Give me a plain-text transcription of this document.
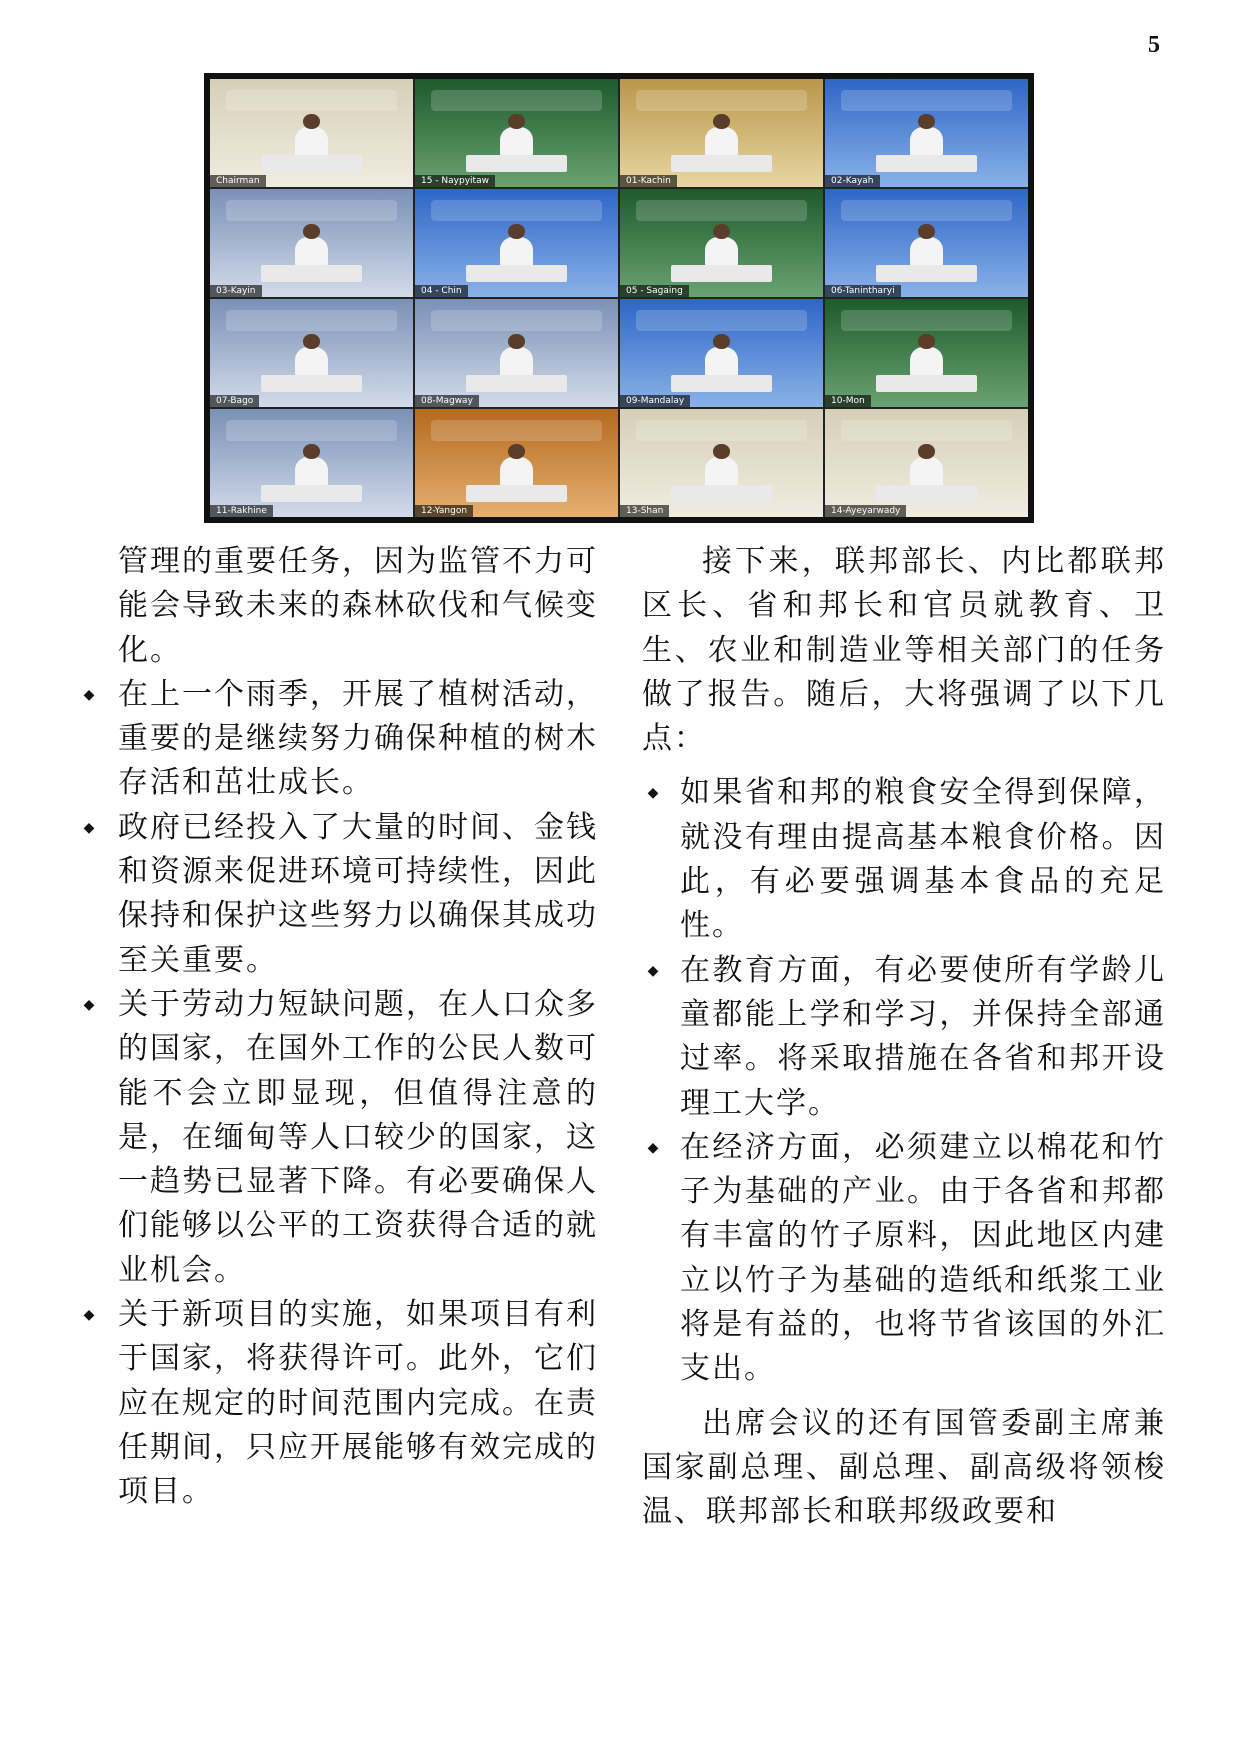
5
Chairman	15 - Naypyitaw	01-Kachin	02-Kayah
03-Kayin	04 - Chin	05 - Sagaing	06-Tanintharyi
07-Bago	08-Magway	09-Mandalay	10-Mon
11-Rakhine	12-Yangon	13-Shan	14-Ayeyarwady

管理的重要任务，因为监管不力可能会导致未来的森林砍伐和气候变化。

◆ 在上一个雨季，开展了植树活动，重要的是继续努力确保种植的树木存活和茁壮成长。

◆ 政府已经投入了大量的时间、金钱和资源来促进环境可持续性，因此保持和保护这些努力以确保其成功至关重要。

◆ 关于劳动力短缺问题，在人口众多的国家，在国外工作的公民人数可能不会立即显现，但值得注意的是，在缅甸等人口较少的国家，这一趋势已显著下降。有必要确保人们能够以公平的工资获得合适的就业机会。

◆ 关于新项目的实施，如果项目有利于国家，将获得许可。此外，它们应在规定的时间范围内完成。在责任期间，只应开展能够有效完成的项目。

接下来，联邦部长、内比都联邦区长、省和邦长和官员就教育、卫生、农业和制造业等相关部门的任务做了报告。随后，大将强调了以下几点：

◆ 如果省和邦的粮食安全得到保障，就没有理由提高基本粮食价格。因此，有必要强调基本食品的充足性。

◆ 在教育方面，有必要使所有学龄儿童都能上学和学习，并保持全部通过率。将采取措施在各省和邦开设理工大学。

◆ 在经济方面，必须建立以棉花和竹子为基础的产业。由于各省和邦都有丰富的竹子原料，因此地区内建立以竹子为基础的造纸和纸浆工业将是有益的，也将节省该国的外汇支出。

出席会议的还有国管委副主席兼国家副总理、副总理、副高级将领梭温、联邦部长和联邦级政要和
